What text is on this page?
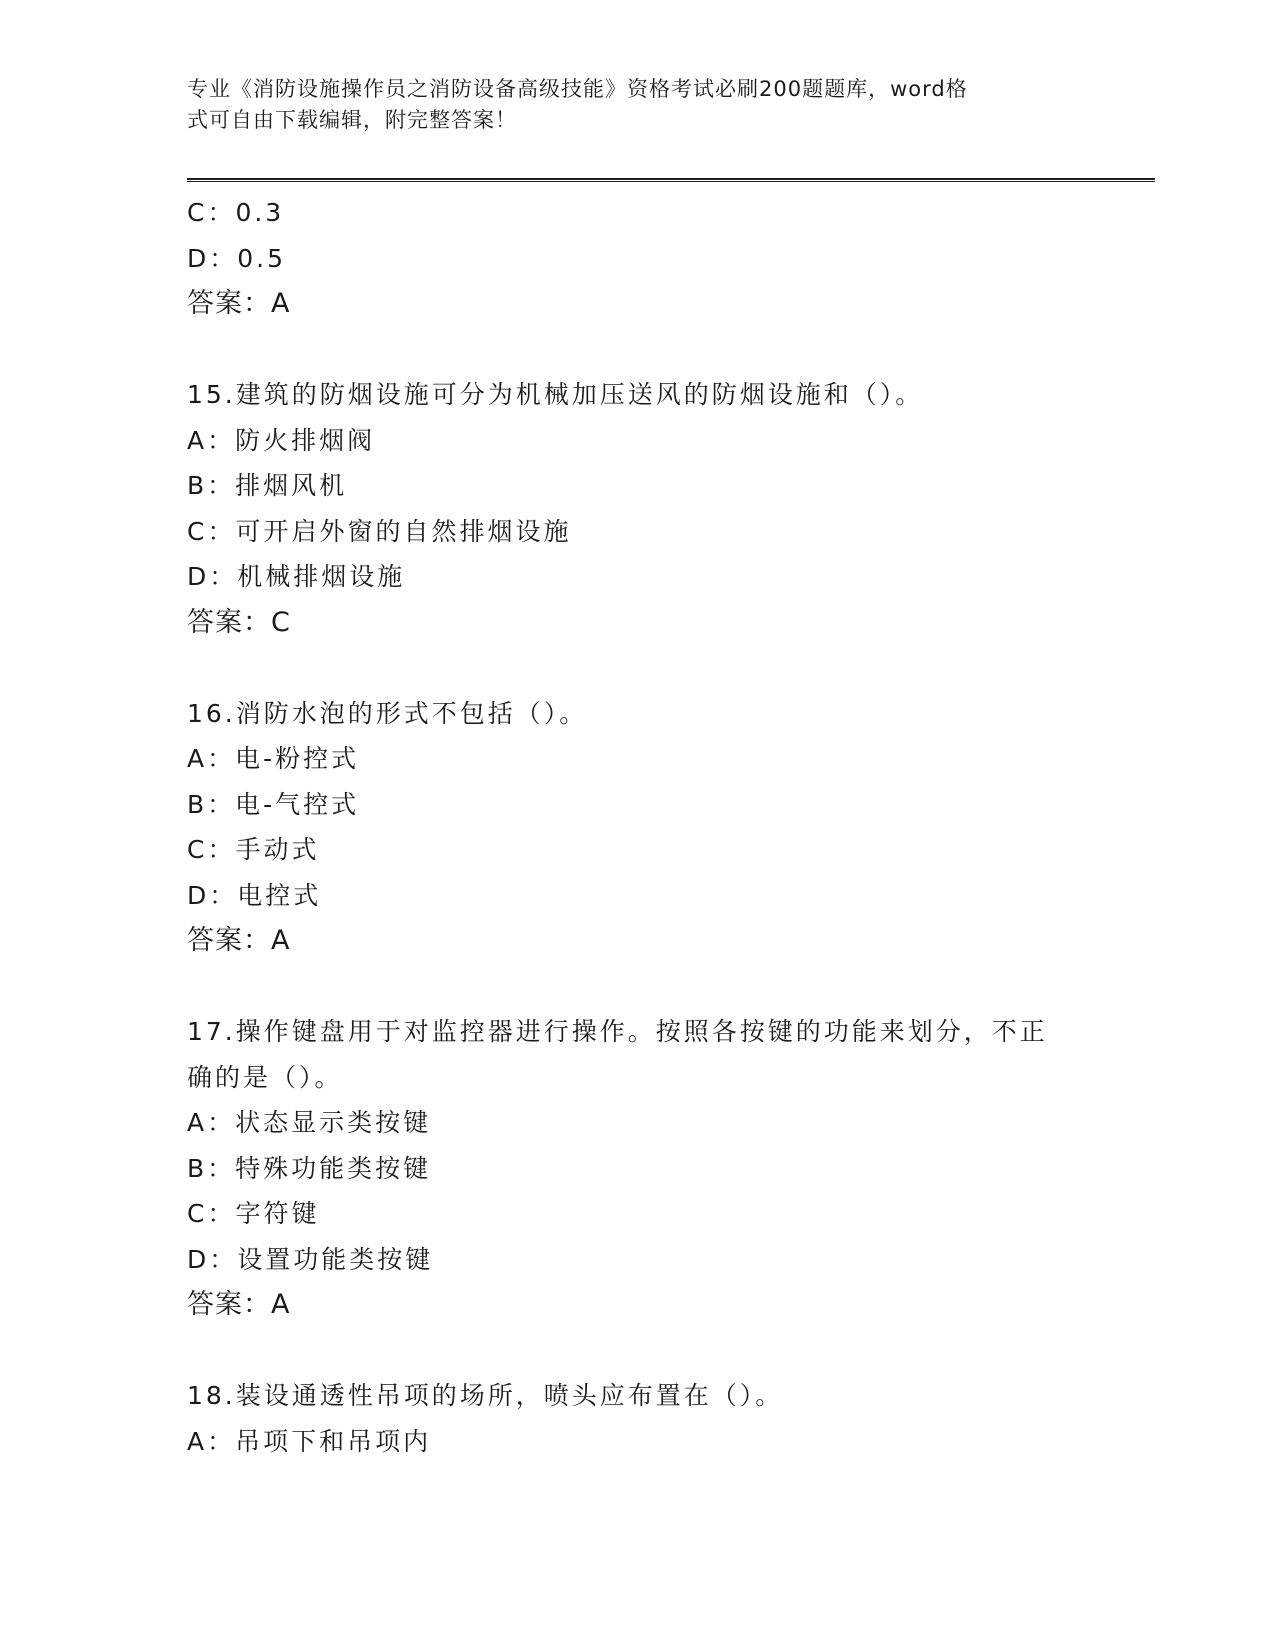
专业《消防设施操作员之消防设备高级技能》资格考试必刷200题题库，word格
式可自由下载编辑，附完整答案！
C：0.3
D：0.5
答案：A
15.建筑的防烟设施可分为机械加压送风的防烟设施和（）。
A：防火排烟阀
B：排烟风机
C：可开启外窗的自然排烟设施
D：机械排烟设施
答案：C
16.消防水泡的形式不包括（）。
A：电-粉控式
B：电-气控式
C：手动式
D：电控式
答案：A
17.操作键盘用于对监控器进行操作。按照各按键的功能来划分，不正
确的是（）。
A：状态显示类按键
B：特殊功能类按键
C：字符键
D：设置功能类按键
答案：A
18.装设通透性吊项的场所，喷头应布置在（）。
A：吊项下和吊项内
